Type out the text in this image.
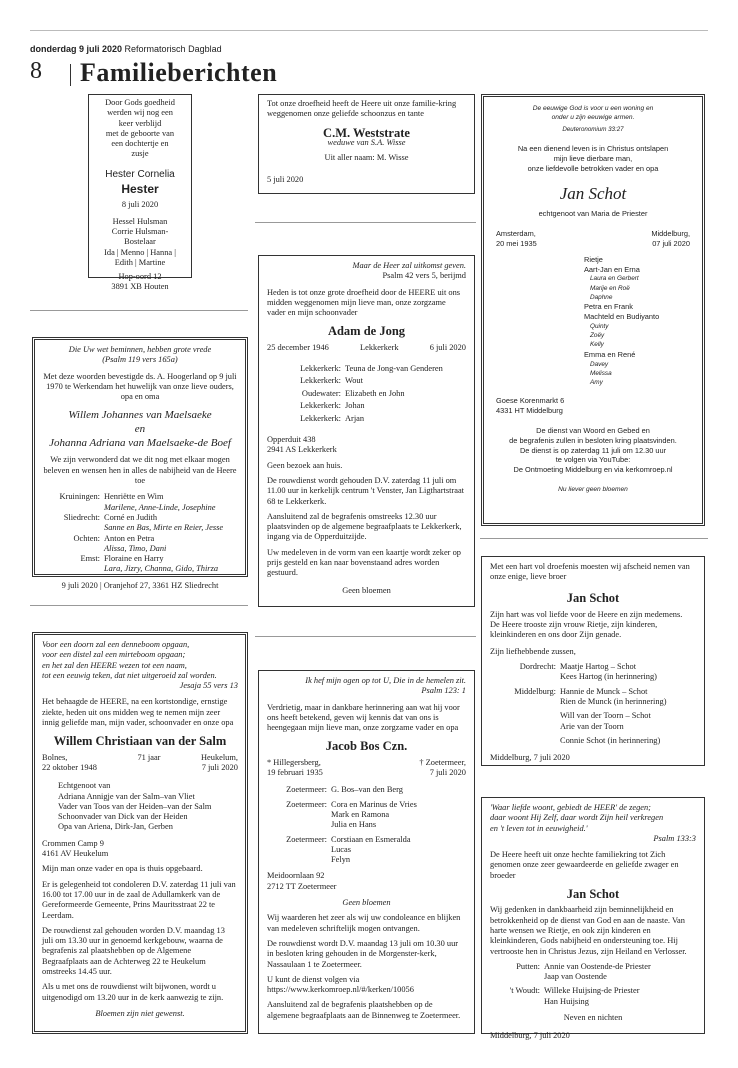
donderdag 9 juli 2020 Reformatorisch Dagblad
8 Familieberichten
Door Gods goedheid
werden wij nog een
keer verblijd
met de geboorte van
een dochtertje en
zusje
Hester Cornelia
Hester
8 juli 2020
Hessel Hulsman
Corrie Hulsman-
Bostelaar
Ida | Menno | Hanna |
Edith | Martine
Hop-oord 12
3891 XB Houten
Tot onze droefheid heeft de Heere uit onze familie-kring weggenomen onze geliefde schoonzus en tante
C.M. Weststrate
weduwe van S.A. Wisse
Uit aller naam: M. Wisse
5 juli 2020
De eeuwige God is voor u een woning en
onder u zijn eeuwige armen.
Deuteronomium 33:27
Na een dienend leven is in Christus ontslapen
mijn lieve dierbare man,
onze liefdevolle betrokken vader en opa
Jan Schot
echtgenoot van Maria de Priester
Amsterdam,
20 mei 1935
Middelburg,
07 juli 2020
Rietje
Aart-Jan en Erna
Laura en Gerbert
Marije en Roë
Daphne
Petra en Frank
Machteld en Budiyanto
Quinty
Zoëy
Kelly
Emma en René
Davey
Melissa
Amy
Goese Korenmarkt 6
4331 HT Middelburg
De dienst van Woord en Gebed en
de begrafenis zullen in besloten kring plaatsvinden.
De dienst is op zaterdag 11 juli om 12.30 uur
te volgen via YouTube:
De Ontmoeting Middelburg en via kerkomroep.nl
Nu liever geen bloemen
Die Uw wet beminnen, hebben grote vrede
(Psalm 119 vers 165a)
Met deze woorden bevestigde ds. A. Hoogerland op 9 juli 1970 te Werkendam het huwelijk van onze lieve ouders, opa en oma
Willem Johannes van Maelsaeke
en
Johanna Adriana van Maelsaeke-de Boef
We zijn verwonderd dat we dit nog met elkaar mogen beleven en wensen hen in alles de nabijheid van de Heere toe
Kruiningen: Henriëtte en Wim
Marilene, Anne-Linde, Josephine
Sliedrecht: Corné en Judith
Sanne en Bas, Mirte en Reier, Jesse
Ochten: Anton en Petra
Alissa, Timo, Dani
Emst: Floraine en Harry
Lara, Jizry, Channa, Gido, Thirza
9 juli 2020 | Oranjehof 27, 3361 HZ Sliedrecht
Maar de Heer zal uitkomst geven.
Psalm 42 vers 5, berijmd
Heden is tot onze grote droefheid door de HEERE uit ons midden weggenomen mijn lieve man, onze zorgzame vader en mijn schoonvader
Adam de Jong
25 december 1946	Lekkerkerk	6 juli 2020
Lekkerkerk: Teuna de Jong-van Genderen
Lekkerkerk: Wout
Oudewater: Elizabeth en John
Lekkerkerk: Johan
Lekkerkerk: Arjan
Opperduit 438
2941 AS Lekkerkerk
Geen bezoek aan huis.
De rouwdienst wordt gehouden D.V. zaterdag 11 juli om 11.00 uur in kerkelijk centrum 't Venster, Jan Ligthartstraat 68 te Lekkerkerk.
Aansluitend zal de begrafenis omstreeks 12.30 uur plaatsvinden op de algemene begraafplaats te Lekkerkerk, ingang via de Opperduitzijde.
Uw medeleven in de vorm van een kaartje wordt zeker op prijs gesteld en kan naar bovenstaand adres worden gestuurd.
Geen bloemen
Met een hart vol droefenis moesten wij afscheid nemen van onze enige, lieve broer
Jan Schot
Zijn hart was vol liefde voor de Heere en zijn medemens.
De Heere trooste zijn vrouw Rietje, zijn kinderen, kleinkinderen en ons door Zijn genade.
Zijn liefhebbende zussen,
Dordrecht: Maatje Hartog – Schot
Kees Hartog (in herinnering)
Middelburg: Hannie de Munck – Schot
Rien de Munck (in herinnering)
Will van der Toorn – Schot
Arie van der Toorn
Connie Schot (in herinnering)
Middelburg, 7 juli 2020
Voor een doorn zal een denneboom opgaan,
voor een distel zal een mirteboom opgaan;
en het zal den HEERE wezen tot een naam,
tot een eeuwig teken, dat niet uitgeroeid zal worden.
Jesaja 55 vers 13
Het behaagde de HEERE, na een kortstondige, ernstige ziekte, heden uit ons midden weg te nemen mijn zeer innig geliefde man, mijn vader, schoonvader en onze opa
Willem Christiaan van der Salm
Bolnes,
22 oktober 1948
71 jaar	Heukelum,
7 juli 2020
Echtgenoot van
Adriana Annigje van der Salm–van Vliet
Vader van Toos van der Heiden–van der Salm
Schoonvader van Dick van der Heiden
Opa van Ariena, Dirk-Jan, Gerben
Crommen Camp 9
4161 AV Heukelum
Mijn man onze vader en opa is thuis opgebaard.
Er is gelegenheid tot condoleren D.V. zaterdag 11 juli van 16.00 tot 17.00 uur in de zaal de Adullamkerk van de Gereformeerde Gemeente, Prins Mauritsstraat 22 te Leerdam.
De rouwdienst zal gehouden worden D.V. maandag 13 juli om 13.30 uur in genoemd kerkgebouw, waarna de begrafenis zal plaatshebben op de Algemene Begraafplaats aan de Achterweg 22 te Heukelum omstreeks 14.45 uur.
Als u met ons de rouwdienst wilt bijwonen, wordt u uitgenodigd om 13.20 uur in de kerk aanwezig te zijn.
Bloemen zijn niet gewenst.
Ik hef mijn ogen op tot U, Die in de hemelen zit.
Psalm 123: 1
Verdrietig, maar in dankbare herinnering aan wat hij voor ons heeft betekend, geven wij kennis dat van ons is heengegaan mijn lieve man, onze zorgzame vader en opa
Jacob Bos Czn.
* Hillegersberg,
19 februari 1935
† Zoetermeer,
7 juli 2020
Zoetermeer: G. Bos–van den Berg
Zoetermeer: Cora en Marinus de Vries
Mark en Ramona
Julia en Hans
Zoetermeer: Corstiaan en Esmeralda
Lucas
Felyn
Meidoornlaan 92
2712 TT Zoetermeer
Geen bloemen
Wij waarderen het zeer als wij uw condoleance en blijken van medeleven schriftelijk mogen ontvangen.
De rouwdienst wordt D.V. maandag 13 juli om 10.30 uur in besloten kring gehouden in de Morgenster-kerk, Nassaulaan 1 te Zoetermeer.
U kunt de dienst volgen via
https://www.kerkomroep.nl/#/kerken/10056
Aansluitend zal de begrafenis plaatshebben op de algemene begraafplaats aan de Binnenweg te Zoetermeer.
'Waar liefde woont, gebiedt de HEER' de zegen;
daar woont Hij Zelf, daar wordt Zijn heil verkregen
en 't leven tot in eeuwigheid.'
Psalm 133:3
De Heere heeft uit onze hechte familiekring tot Zich genomen onze zeer gewaardeerde en geliefde zwager en broeder
Jan Schot
Wij gedenken in dankbaarheid zijn beminnelijkheid en betrokkenheid op de dienst van God en aan de naaste. Van harte wensen we Rietje, en ook zijn kinderen en kleinkinderen, Gods nabijheid en ondersteuning toe. Hij vertrooste hen in Christus Jezus, zijn Heiland en Verlosser.
Putten: Annie van Oostende-de Priester
Jaap van Oostende
't Woudt: Willeke Huijsing-de Priester
Han Huijsing
Neven en nichten
Middelburg, 7 juli 2020
